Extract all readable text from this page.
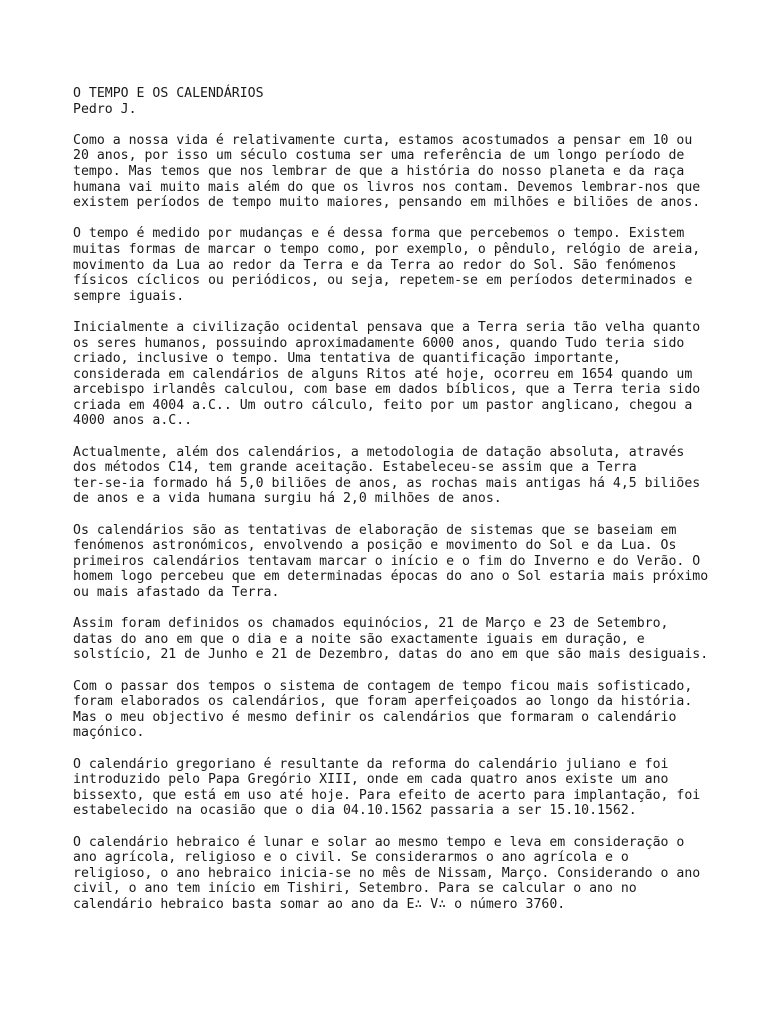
O TEMPO E OS CALENDÁRIOS
Pedro J.
Como a nossa vida é relativamente curta, estamos acostumados a pensar em 10 ou
20 anos, por isso um século costuma ser uma referência de um longo período de
tempo. Mas temos que nos lembrar de que a história do nosso planeta e da raça
humana vai muito mais além do que os livros nos contam. Devemos lembrar-nos que
existem períodos de tempo muito maiores, pensando em milhões e biliões de anos.
O tempo é medido por mudanças e é dessa forma que percebemos o tempo. Existem
muitas formas de marcar o tempo como, por exemplo, o pêndulo, relógio de areia,
movimento da Lua ao redor da Terra e da Terra ao redor do Sol. São fenómenos
físicos cíclicos ou periódicos, ou seja, repetem-se em períodos determinados e
sempre iguais.
Inicialmente a civilização ocidental pensava que a Terra seria tão velha quanto
os seres humanos, possuindo aproximadamente 6000 anos, quando Tudo teria sido
criado, inclusive o tempo. Uma tentativa de quantificação importante,
considerada em calendários de alguns Ritos até hoje, ocorreu em 1654 quando um
arcebispo irlandês calculou, com base em dados bíblicos, que a Terra teria sido
criada em 4004 a.C.. Um outro cálculo, feito por um pastor anglicano, chegou a
4000 anos a.C..
Actualmente, além dos calendários, a metodologia de datação absoluta, através
dos métodos C14, tem grande aceitação. Estabeleceu-se assim que a Terra
ter-se-ia formado há 5,0 biliões de anos, as rochas mais antigas há 4,5 biliões
de anos e a vida humana surgiu há 2,0 milhões de anos.
Os calendários são as tentativas de elaboração de sistemas que se baseiam em
fenómenos astronómicos, envolvendo a posição e movimento do Sol e da Lua. Os
primeiros calendários tentavam marcar o início e o fim do Inverno e do Verão. O
homem logo percebeu que em determinadas épocas do ano o Sol estaria mais próximo
ou mais afastado da Terra.
Assim foram definidos os chamados equinócios, 21 de Março e 23 de Setembro,
datas do ano em que o dia e a noite são exactamente iguais em duração, e
solstício, 21 de Junho e 21 de Dezembro, datas do ano em que são mais desiguais.
Com o passar dos tempos o sistema de contagem de tempo ficou mais sofisticado,
foram elaborados os calendários, que foram aperfeiçoados ao longo da história.
Mas o meu objectivo é mesmo definir os calendários que formaram o calendário
maçónico.
O calendário gregoriano é resultante da reforma do calendário juliano e foi
introduzido pelo Papa Gregório XIII, onde em cada quatro anos existe um ano
bissexto, que está em uso até hoje. Para efeito de acerto para implantação, foi
estabelecido na ocasião que o dia 04.10.1562 passaria a ser 15.10.1562.
O calendário hebraico é lunar e solar ao mesmo tempo e leva em consideração o
ano agrícola, religioso e o civil. Se considerarmos o ano agrícola e o
religioso, o ano hebraico inicia-se no mês de Nissam, Março. Considerando o ano
civil, o ano tem início em Tishiri, Setembro. Para se calcular o ano no
calendário hebraico basta somar ao ano da E∴ V∴ o número 3760.
